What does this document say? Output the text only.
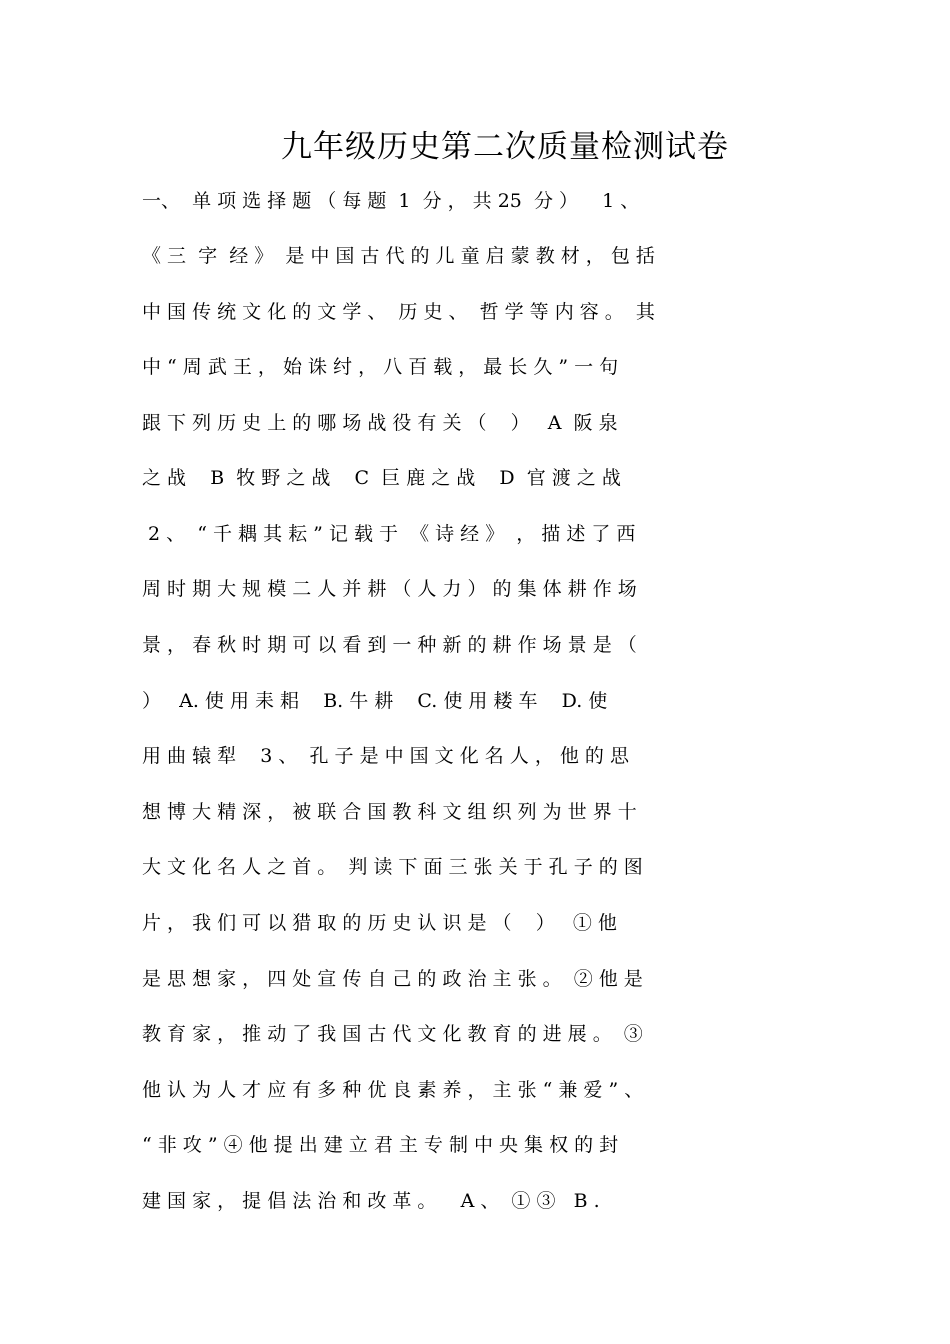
九年级历史第二次质量检测试卷
一、  单 项 选 择 题 （ 每 题  1  分 ， 共 25  分 ）    1 、
《 三  字  经 》  是 中 国 古 代 的 儿 童 启 蒙 教 材 ， 包 括
中 国 传 统 文 化 的 文 学 、  历 史 、  哲 学 等 内 容 。  其
中 “ 周 武 王 ， 始 诛 纣 ， 八 百 载 ， 最 长 久 ” 一 句
跟 下 列 历 史 上 的 哪 场 战 役 有 关 （    ）   A  阪 泉
之 战    B  牧 野 之 战    C  巨 鹿 之 战    D  官 渡 之 战
2 、  “ 千 耦 其 耘 ” 记 载 于  《 诗 经 》  ， 描 述 了 西
周 时 期 大 规 模 二 人 并 耕 （ 人 力 ） 的 集 体 耕 作 场
景 ， 春 秋 时 期 可 以 看 到 一 种 新 的 耕 作 场 景 是 （
）   A. 使 用 耒 耜    B. 牛 耕    C. 使 用 耧 车    D. 使
用 曲 辕 犁    3 、  孔 子 是 中 国 文 化 名 人 ， 他 的 思
想 博 大 精 深 ， 被 联 合 国 教 科 文 组 织 列 为 世 界 十
大 文 化 名 人 之 首 。  判 读 下 面 三 张 关 于 孔 子 的 图
片 ， 我 们 可 以 猎 取 的 历 史 认 识 是 （    ）   ① 他
是 思 想 家 ， 四 处 宣 传 自 己 的 政 治 主 张 。  ② 他 是
教 育 家 ， 推 动 了 我 国 古 代 文 化 教 育 的 进 展 。  ③
他 认 为 人 才 应 有 多 种 优 良 素 养 ， 主 张 “ 兼 爱 ” 、
“ 非 攻 ” ④ 他 提 出 建 立 君 主 专 制 中 央 集 权 的 封
建 国 家 ， 提 倡 法 治 和 改 革 。    A 、  ① ③   B .
